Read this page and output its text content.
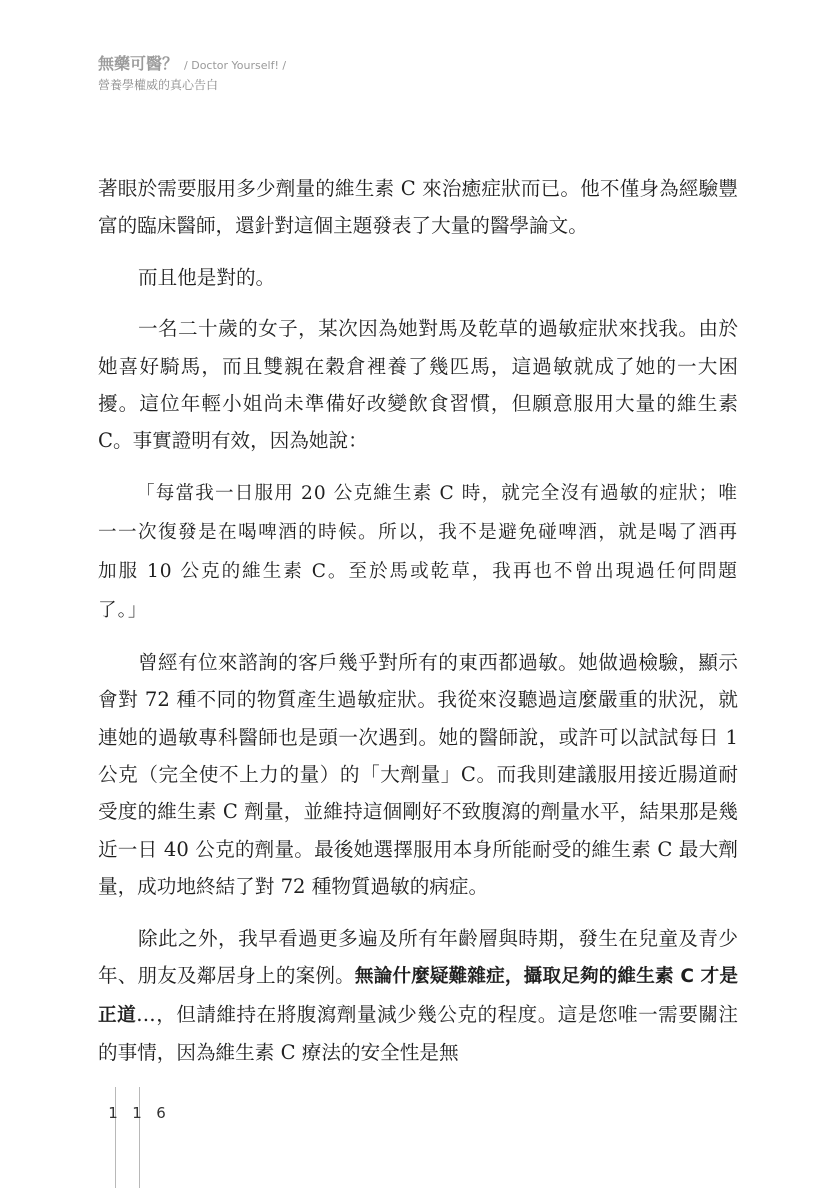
無藥可醫？ / Doctor Yourself! /
營養學權威的真心告白

著眼於需要服用多少劑量的維生素 C 來治癒症狀而已。他不僅身為經驗豐富的臨床醫師，還針對這個主題發表了大量的醫學論文。

而且他是對的。

一名二十歲的女子，某次因為她對馬及乾草的過敏症狀來找我。由於她喜好騎馬，而且雙親在穀倉裡養了幾匹馬，這過敏就成了她的一大困擾。這位年輕小姐尚未準備好改變飲食習慣，但願意服用大量的維生素 C。事實證明有效，因為她說：

「每當我一日服用 20 公克維生素 C 時，就完全沒有過敏的症狀；唯一一次復發是在喝啤酒的時候。所以，我不是避免碰啤酒，就是喝了酒再加服 10 公克的維生素 C。至於馬或乾草，我再也不曾出現過任何問題了。」

曾經有位來諮詢的客戶幾乎對所有的東西都過敏。她做過檢驗，顯示會對 72 種不同的物質產生過敏症狀。我從來沒聽過這麼嚴重的狀況，就連她的過敏專科醫師也是頭一次遇到。她的醫師說，或許可以試試每日 1 公克（完全使不上力的量）的「大劑量」C。而我則建議服用接近腸道耐受度的維生素 C 劑量，並維持這個剛好不致腹瀉的劑量水平，結果那是幾近一日 40 公克的劑量。最後她選擇服用本身所能耐受的維生素 C 最大劑量，成功地終結了對 72 種物質過敏的病症。

除此之外，我早看過更多遍及所有年齡層與時期，發生在兒童及青少年、朋友及鄰居身上的案例。無論什麼疑難雜症，攝取足夠的維生素 C 才是正道…，但請維持在將腹瀉劑量減少幾公克的程度。這是您唯一需要關注的事情，因為維生素 C 療法的安全性是無

1 1 6
